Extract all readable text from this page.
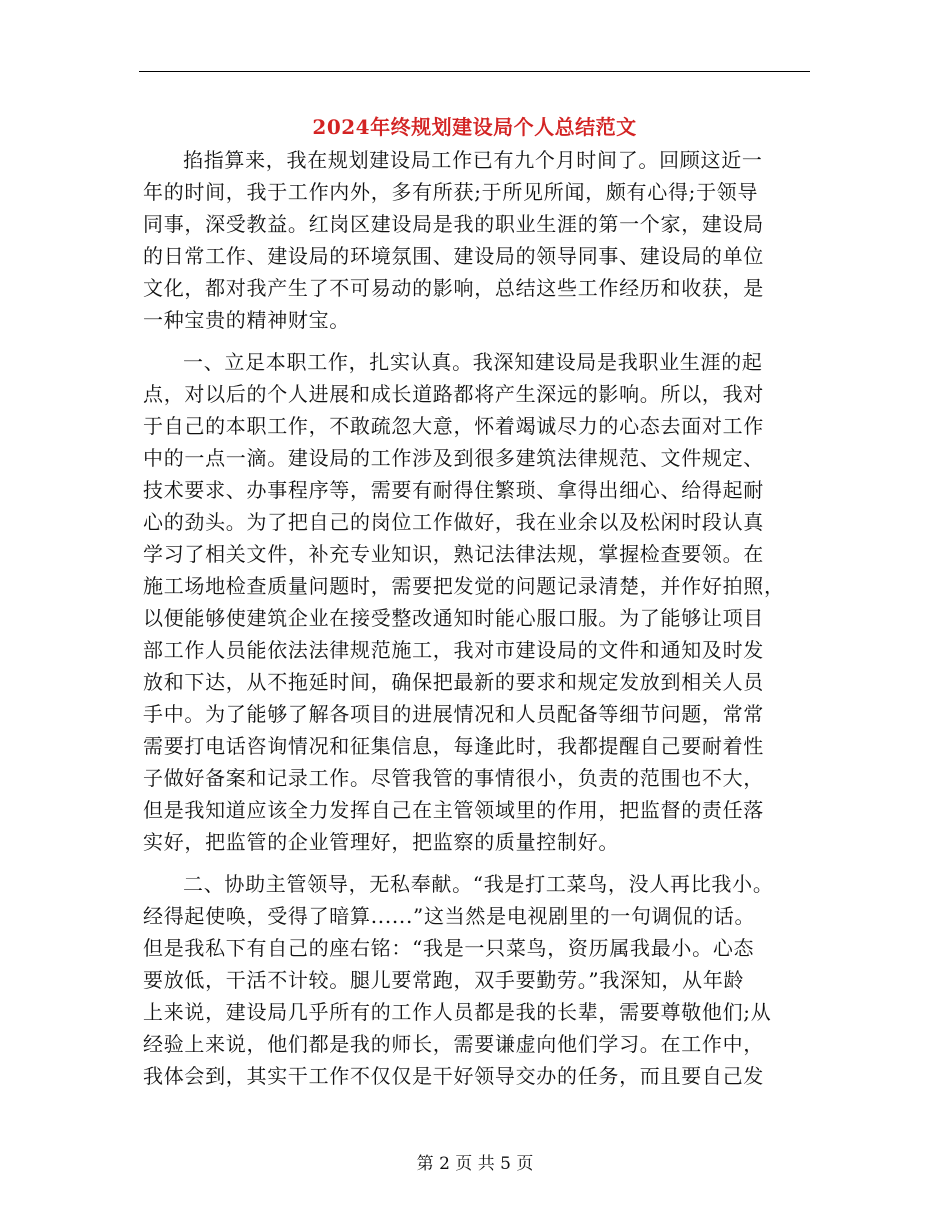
2024年终规划建设局个人总结范文
掐指算来，我在规划建设局工作已有九个月时间了。回顾这近一
年的时间，我于工作内外，多有所获;于所见所闻，颇有心得;于领导
同事，深受教益。红岗区建设局是我的职业生涯的第一个家，建设局
的日常工作、建设局的环境氛围、建设局的领导同事、建设局的单位
文化，都对我产生了不可易动的影响，总结这些工作经历和收获，是
一种宝贵的精神财宝。
一、立足本职工作，扎实认真。我深知建设局是我职业生涯的起
点，对以后的个人进展和成长道路都将产生深远的影响。所以，我对
于自己的本职工作，不敢疏忽大意，怀着竭诚尽力的心态去面对工作
中的一点一滴。建设局的工作涉及到很多建筑法律规范、文件规定、
技术要求、办事程序等，需要有耐得住繁琐、拿得出细心、给得起耐
心的劲头。为了把自己的岗位工作做好，我在业余以及松闲时段认真
学习了相关文件，补充专业知识，熟记法律法规，掌握检查要领。在
施工场地检查质量问题时，需要把发觉的问题记录清楚，并作好拍照，
以便能够使建筑企业在接受整改通知时能心服口服。为了能够让项目
部工作人员能依法法律规范施工，我对市建设局的文件和通知及时发
放和下达，从不拖延时间，确保把最新的要求和规定发放到相关人员
手中。为了能够了解各项目的进展情况和人员配备等细节问题，常常
需要打电话咨询情况和征集信息，每逢此时，我都提醒自己要耐着性
子做好备案和记录工作。尽管我管的事情很小，负责的范围也不大，
但是我知道应该全力发挥自己在主管领域里的作用，把监督的责任落
实好，把监管的企业管理好，把监察的质量控制好。
二、协助主管领导，无私奉献。“我是打工菜鸟，没人再比我小。
经得起使唤，受得了暗算......”这当然是电视剧里的一句调侃的话。
但是我私下有自己的座右铭：“我是一只菜鸟，资历属我最小。心态
要放低，干活不计较。腿儿要常跑，双手要勤劳。”我深知，从年龄
上来说，建设局几乎所有的工作人员都是我的长辈，需要尊敬他们;从
经验上来说，他们都是我的师长，需要谦虚向他们学习。在工作中，
我体会到，其实干工作不仅仅是干好领导交办的任务，而且要自己发
第 2 页 共 5 页
